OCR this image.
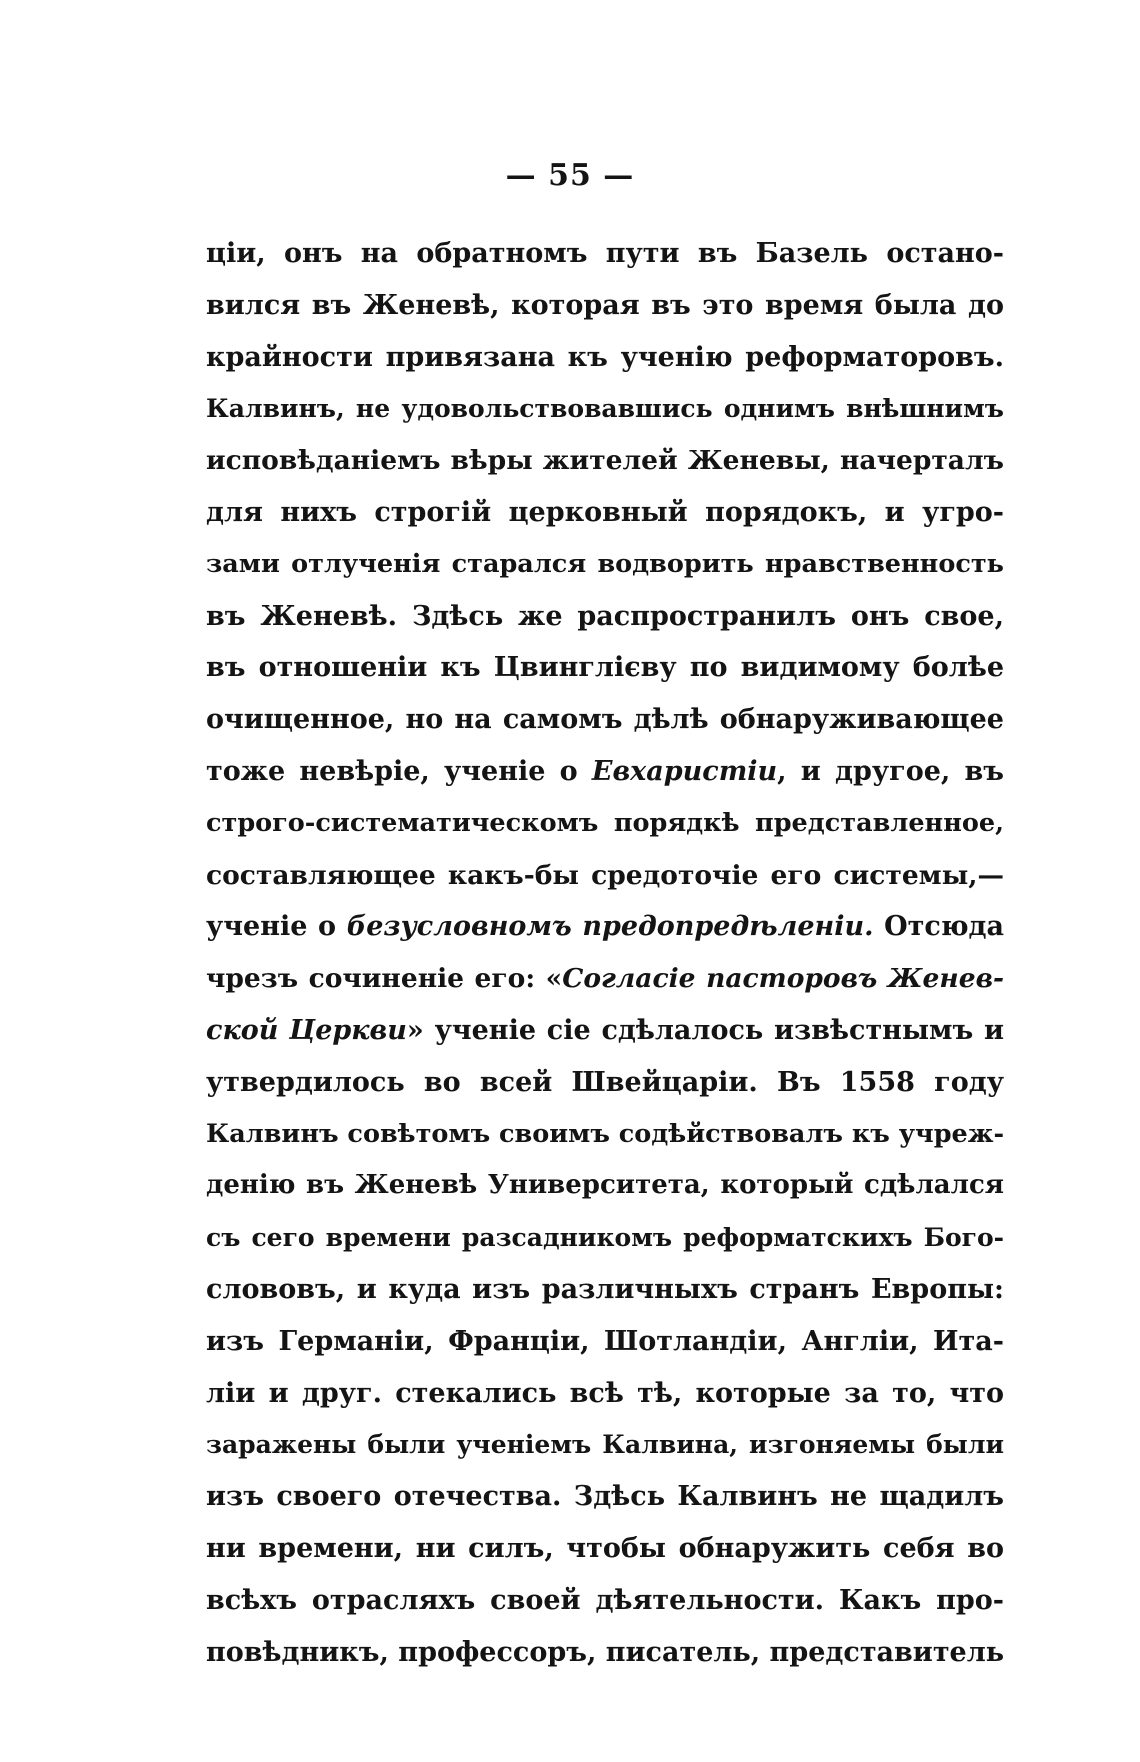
— 55 —
ціи, онъ на обратномъ пути въ Базель остано-
вился въ Женевѣ, которая въ это время была до
крайности привязана къ ученію реформаторовъ.
Калвинъ, не удовольствовавшись однимъ внѣшнимъ
исповѣданіемъ вѣры жителей Женевы, начерталъ
для нихъ строгій церковный порядокъ, и угро-
зами отлученія старался водворить нравственность
въ Женевѣ. Здѣсь же распространилъ онъ свое,
въ отношеніи къ Цвинглієву по видимому болѣе
очищенное, но на самомъ дѣлѣ обнаруживающее
тоже невѣріе, ученіе о Евхаристіи, и другое, въ
строго-систематическомъ порядкѣ представленное,
составляющее какъ-бы средоточіе его системы,—
ученіе о безусловномъ предопредѣленіи. Отсюда
чрезъ сочиненіе его: «Согласіе пасторовъ Женев-
ской Церкви» ученіе сіе сдѣлалось извѣстнымъ и
утвердилось во всей Швейцаріи. Въ 1558 году
Калвинъ совѣтомъ своимъ содѣйствовалъ къ учреж-
денію въ Женевѣ Университета, который сдѣлался
съ сего времени разсадникомъ реформатскихъ Бого-
слововъ, и куда изъ различныхъ странъ Европы:
изъ Германіи, Франціи, Шотландіи, Англіи, Ита-
ліи и друг. стекались всѣ тѣ, которые за то, что
заражены были ученіемъ Калвина, изгоняемы были
изъ своего отечества. Здѣсь Калвинъ не щадилъ
ни времени, ни силъ, чтобы обнаружить себя во
всѣхъ отрасляхъ своей дѣятельности. Какъ про-
повѣдникъ, профессоръ, писатель, представитель
